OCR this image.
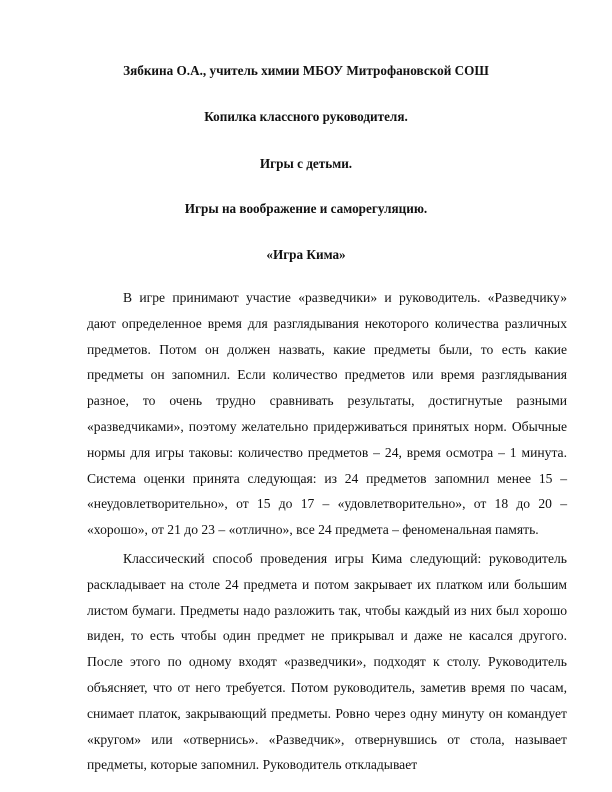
Зябкина О.А., учитель химии МБОУ Митрофановской СОШ
Копилка классного руководителя.
Игры с детьми.
Игры на воображение и саморегуляцию.
«Игра Кима»

В игре принимают участие «разведчики» и руководитель. «Разведчику» дают определенное время для разглядывания некоторого количества различных предметов. Потом он должен назвать, какие предметы были, то есть какие предметы он запомнил. Если количество предметов или время разглядывания разное, то очень трудно сравнивать результаты, достигнутые разными «разведчиками», поэтому желательно придерживаться принятых норм. Обычные нормы для игры таковы: количество предметов – 24, время осмотра – 1 минута. Система оценки принята следующая: из 24 предметов запомнил менее 15 – «неудовлетворительно», от 15 до 17 – «удовлетворительно», от 18 до 20 – «хорошо», от 21 до 23 – «отлично», все 24 предмета – феноменальная память.

Классический способ проведения игры Кима следующий: руководитель раскладывает на столе 24 предмета и потом закрывает их платком или большим листом бумаги. Предметы надо разложить так, чтобы каждый из них был хорошо виден, то есть чтобы один предмет не прикрывал и даже не касался другого. После этого по одному входят «разведчики», подходят к столу. Руководитель объясняет, что от него требуется. Потом руководитель, заметив время по часам, снимает платок, закрывающий предметы. Ровно через одну минуту он командует «кругом» или «отвернись». «Разведчик», отвернувшись от стола, называет предметы, которые запомнил. Руководитель откладывает
